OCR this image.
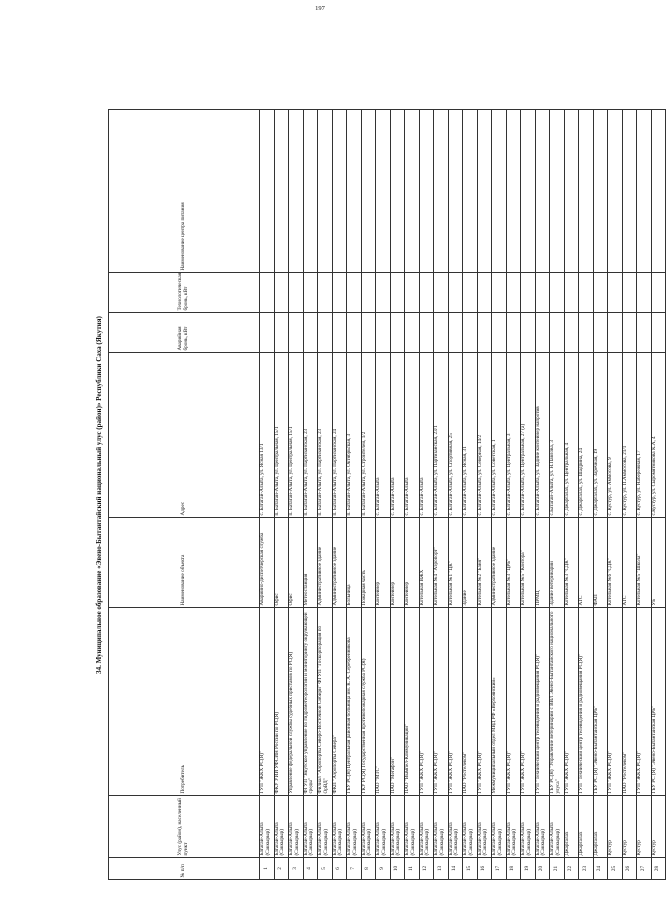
197
34. Муниципальное образование «Эвено-Бытантайский национальный улус (район)» Республики Саха (Якутия)
№ п/п	Улус (район), населенный пункт	Потребитель	Наименование объекта	Адрес	Аварийная бронь, кВт	Технологическая бронь, кВт	Наименование центра питания
1	Батагай-Алыта (Саккырыр)	ГУП "ЖКХ РС(Я)"	Аварийно-диспетчерская служба	с. Батагай-Алыта, ул. Ясная 13/1			
2	Батагай-Алыта (Саккырыр)	ФКУ УИИ УФСИН России по РС(Я)	Офис	п. Батагай-Алыта, ул. Центральная, 15/1			
3	Батагай-Алыта (Саккырыр)	Управление федеральной службы судебных приставов по РС(Я)	Офис	п. Батагай-Алыта, ул. Центральная, 15/1			
4	Батагай-Алыта (Саккырыр)	ФГУП "Якутское управление по гидрометеорологии и мониторингу окружающей среды"	Метеостанция	п. Батагай-Алыта, ул. Партизанская, 23			
5	Батагай-Алыта (Саккырыр)	Филиал "Аэропорты Северо-Восточной Сибири" ФГУП "Госкорпорация по ОрВД"	Административное здание	п. Батагай-Алыта, ул. Партизанская, 23			
6	Батагай-Алыта (Саккырыр)	ФКП "Аэропорты Севера"	Административное здание	п. Батагай-Алыта, ул. Партизанская, 24			
7	Батагай-Алыта (Саккырыр)	ГБУ РС(Я) Центральная районная больница им. К. А. Серебренникова	Больница	п. Батагай-Алыта, ул. Октябрьская, 3			
8	Батагай-Алыта (Саккырыр)	ГКУ РС(Я) Государственная противопожарная служба РС(Я)	Пожарная часть	п. Батагай-Алыта, ул. Строителей, 1/2			
9	Батагай-Алыта (Саккырыр)	ПАО "МТС"	Контейнер	с. Батагай-Алыта			
10	Батагай-Алыта (Саккырыр)	ПАО "Мегафон"	Контейнер	с. Батагай-Алыта			
11	Батагай-Алыта (Саккырыр)	ПАО "Вымпел-Коммуникации"	Контейнер	с. Батагай-Алыта			
12	Батагай-Алыта (Саккырыр)	ГУП "ЖКХ РС(Я)"	Котельная ВЖХ	с. Батагай-Алыта			
13	Батагай-Алыта (Саккырыр)	ГУП "ЖКХ РС(Я)"	Котельная №4 "Аэропорт"	с. Батагай-Алыта, ул. Партизанская, 23/1			
14	Батагай-Алыта (Саккырыр)	ГУП "ЖКХ РС(Я)"	Котельная №1 "ЦК"	с. Батагай-Алыта, ул. Спортивная, 25			
15	Батагай-Алыта (Саккырыр)	ПАО "Ростелеком"	Здание	с. Батагай-Алыта, ул. Ясная, 31			
16	Батагай-Алыта (Саккырыр)	ГУП "ЖКХ РС(Я)"	Котельная №2 "Баня"	с. Батагай-Алыта, ул. Северная, 14/2			
17	Батагай-Алыта (Саккырыр)	Межмуниципальный отдел МВД РФ «Верхоянский»	Административное здание	с. Батагай-Алыта, ул. Советская, 1			
18	Батагай-Алыта (Саккырыр)	ГУП "ЖКХ РС(Я)"	Котельная №3 "ЦРБ"	с. Батагай-Алыта, ул. Центральная, 3			
19	Батагай-Алыта (Саккырыр)	ГУП "ЖКХ РС(Я)"	Котельная №5 "Контора"	с. Батагай-Алыта, ул. Центральная, 27 (а)			
20	Батагай-Алыта (Саккырыр)	ГУП "Технический центр телевидения и радиовещания РС(Я)"	ПРМЦ	с. Батагай-Алыта, ул. Задние контейнер напротив			
21	Батагай-Алыта (Саккырыр)	ГБУ РС(Я) "Управление ветеринарии с ВВЛ Эвено-Бытантайского национального улуса"	Здание ветеринарии	с.Батагай-Алыта, ул. Н.Павлова, 3			
22	Джаргалах	ГУП "ЖКХ РС(Я)"	Котельная №3 "СДК"	с. Джаргалах, ул. Центральная, 4			
23	Джаргалах	ГУП "Технический центр телевидения и радиовещания РС(Я)"	АТС	с. Джаргалах, ул. Шадрина, 24			
24	Джаргалах	ГБУ РС (Я) "Эвено-Бытантайская ЦРБ"	ФАП	с. Джаргалах, ул. Заречная, 19			
25	Кустур	ГУП "ЖКХ РС(Я)"	Котельная №6 "СДК"	с. Кустур, ул. Аммосова, 9			
26	Кустур	ПАО "Ростелеком"	АТС	с. Кустур, ул. П.Аммосова, 21/1			
27	Кустур	ГУП "ЖКХ РС(Я)"	Котельная №5 "Школа"	с. Кустур, ул. Набережная, 17			
28	Кустур	ГБУ РС (Я) "Эвено-Бытантайская ЦРБ"	УБ	с.Кустур, ул. Сыромятникова К.А, 4			
